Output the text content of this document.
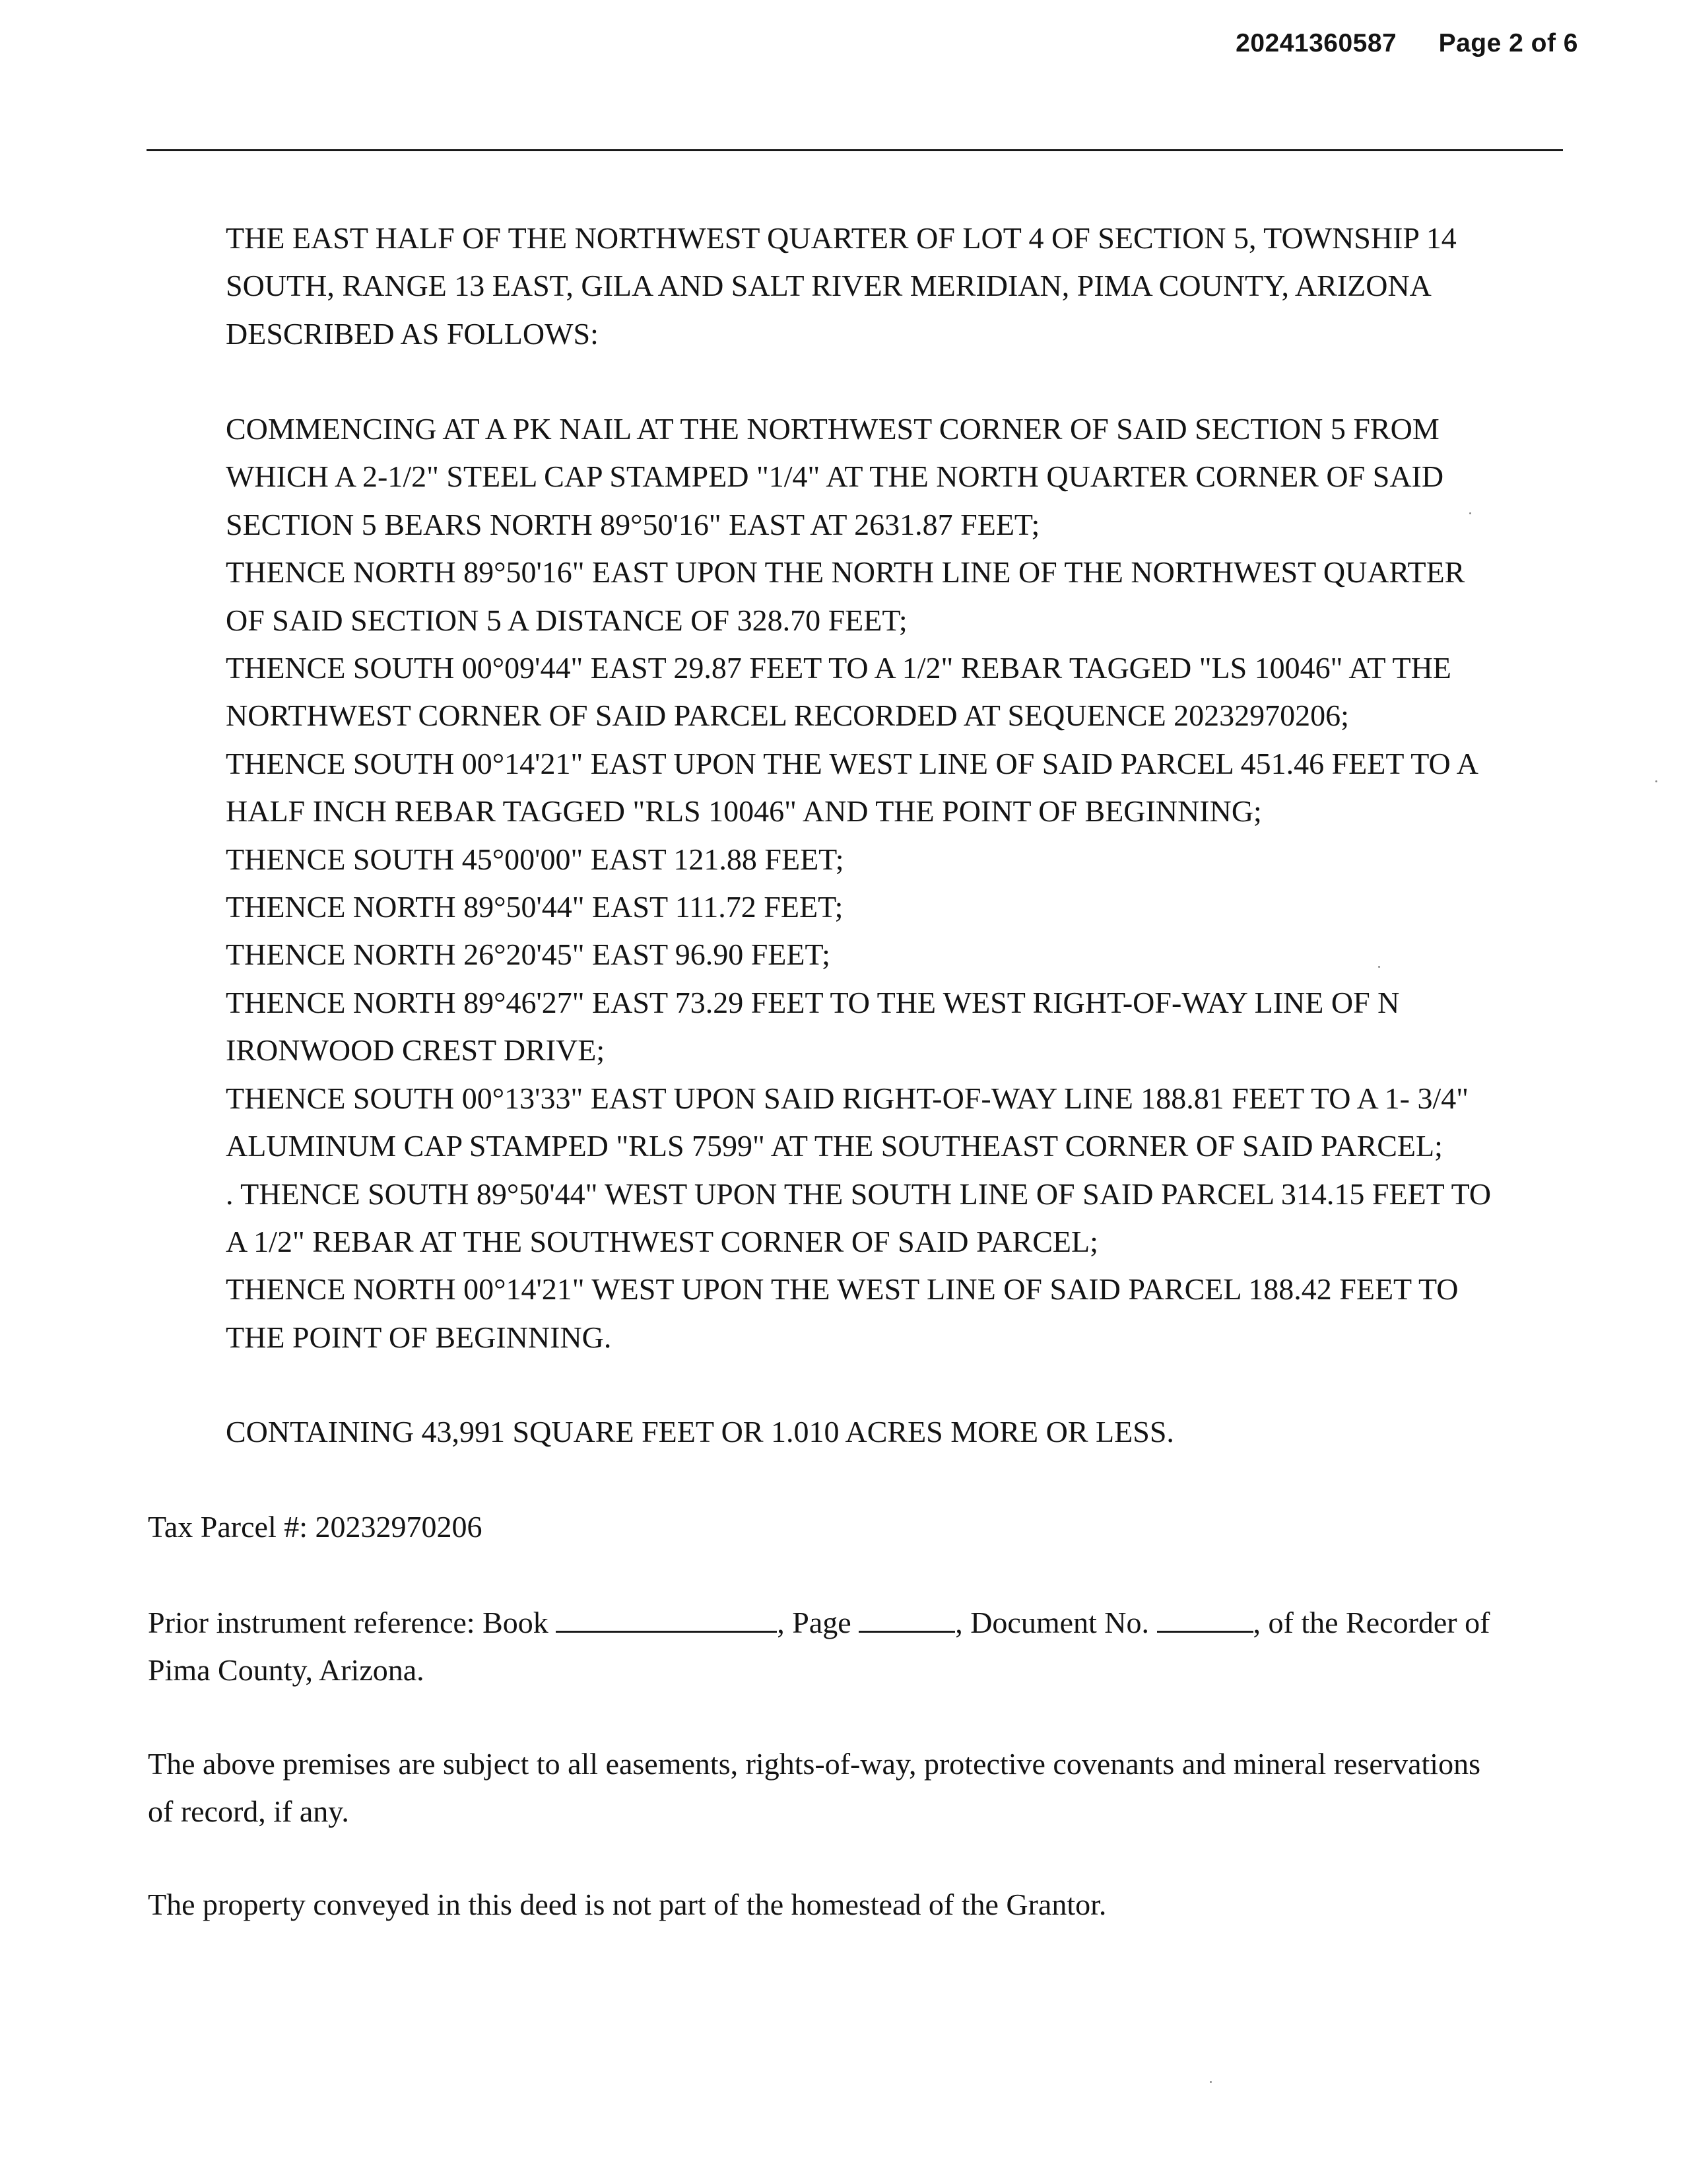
20241360587 Page 2 of 6
THE EAST HALF OF THE NORTHWEST QUARTER OF LOT 4 OF SECTION 5, TOWNSHIP 14
SOUTH, RANGE 13 EAST, GILA AND SALT RIVER MERIDIAN, PIMA COUNTY, ARIZONA
DESCRIBED AS FOLLOWS:
COMMENCING AT A PK NAIL AT THE NORTHWEST CORNER OF SAID SECTION 5 FROM
WHICH A 2-1/2" STEEL CAP STAMPED "1/4" AT THE NORTH QUARTER CORNER OF SAID
SECTION 5 BEARS NORTH 89°50'16" EAST AT 2631.87 FEET;
THENCE NORTH 89°50'16" EAST UPON THE NORTH LINE OF THE NORTHWEST QUARTER
OF SAID SECTION 5 A DISTANCE OF 328.70 FEET;
THENCE SOUTH 00°09'44" EAST 29.87 FEET TO A 1/2" REBAR TAGGED "LS 10046" AT THE
NORTHWEST CORNER OF SAID PARCEL RECORDED AT SEQUENCE 20232970206;
THENCE SOUTH 00°14'21" EAST UPON THE WEST LINE OF SAID PARCEL 451.46 FEET TO A
HALF INCH REBAR TAGGED "RLS 10046" AND THE POINT OF BEGINNING;
THENCE SOUTH 45°00'00" EAST 121.88 FEET;
THENCE NORTH 89°50'44" EAST 111.72 FEET;
THENCE NORTH 26°20'45" EAST 96.90 FEET;
THENCE NORTH 89°46'27" EAST 73.29 FEET TO THE WEST RIGHT-OF-WAY LINE OF N
IRONWOOD CREST DRIVE;
THENCE SOUTH 00°13'33" EAST UPON SAID RIGHT-OF-WAY LINE 188.81 FEET TO A 1- 3/4"
ALUMINUM CAP STAMPED "RLS 7599" AT THE SOUTHEAST CORNER OF SAID PARCEL;
. THENCE SOUTH 89°50'44" WEST UPON THE SOUTH LINE OF SAID PARCEL 314.15 FEET TO
A 1/2" REBAR AT THE SOUTHWEST CORNER OF SAID PARCEL;
THENCE NORTH 00°14'21" WEST UPON THE WEST LINE OF SAID PARCEL 188.42 FEET TO
THE POINT OF BEGINNING.
CONTAINING 43,991 SQUARE FEET OR 1.010 ACRES MORE OR LESS.
Tax Parcel #: 20232970206
Prior instrument reference: Book	, Page	, Document No.	, of the Recorder of
Pima County, Arizona.
The above premises are subject to all easements, rights-of-way, protective covenants and mineral reservations
of record, if any.
The property conveyed in this deed is not part of the homestead of the Grantor.
